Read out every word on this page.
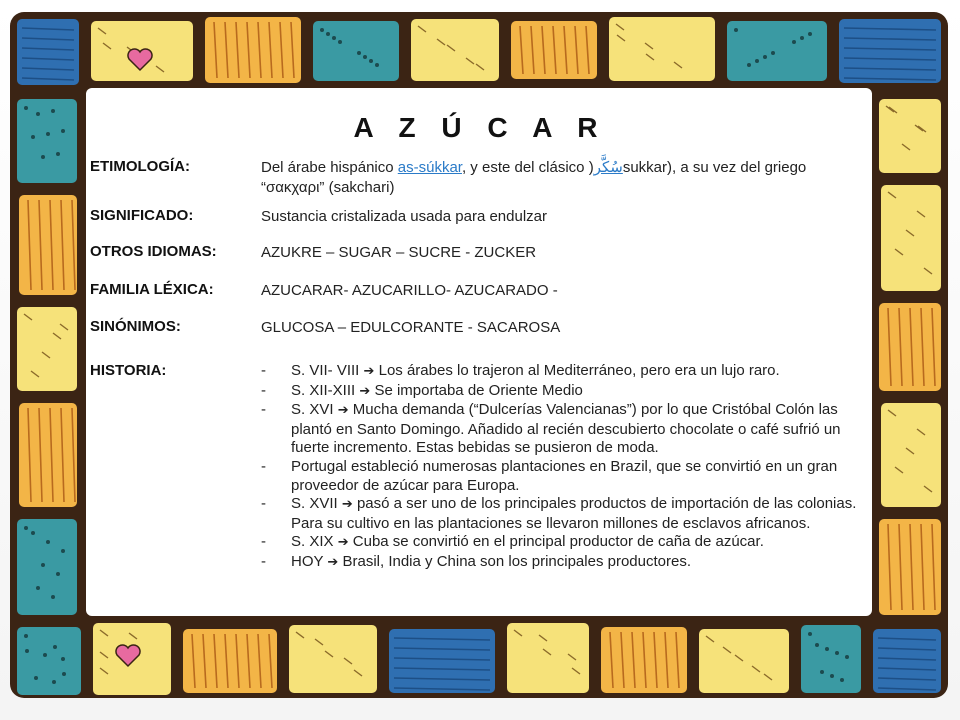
A Z Ú C A R
ETIMOLOGÍA:	Del árabe hispánico as-súkkar, y este del clásico )سُكَّرsukkar), a su vez del griego “σακχαρι” (sakchari)
SIGNIFICADO:	Sustancia cristalizada usada para endulzar
OTROS IDIOMAS:	AZUKRE – SUGAR – SUCRE - ZUCKER
FAMILIA LÉXICA:	AZUCARAR- AZUCARILLO- AZUCARADO -
SINÓNIMOS:	GLUCOSA – EDULCORANTE - SACAROSA
HISTORIA:	- S. VII- VIII ➔ Los árabes lo trajeron al Mediterráneo, pero era un lujo raro.
- S. XII-XIII ➔ Se importaba de Oriente Medio
- S. XVI ➔ Mucha demanda (“Dulcerías Valencianas”) por lo que Cristóbal Colón las plantó en Santo Domingo. Añadido al recién descubierto chocolate o café sufrió un fuerte incremento. Estas bebidas se pusieron de moda.
- Portugal estableció numerosas plantaciones en Brazil, que se convirtió en un gran proveedor de azúcar para Europa.
- S. XVII ➔ pasó a ser uno de los principales productos de importación de las colonias. Para su cultivo en las plantaciones se llevaron millones de esclavos africanos.
- S. XIX ➔ Cuba se convirtió en el principal productor de caña de azúcar.
- HOY ➔ Brasil, India y China son los principales productores.
